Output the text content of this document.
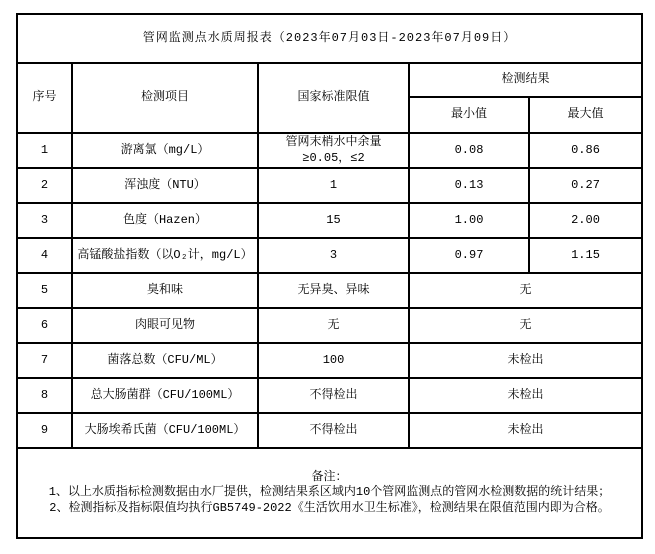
管网监测点水质周报表（2023年07月03日-2023年07月09日）				
序号	检测项目	国家标准限值	检测结果	
			最小值	最大值
1	游离氯（mg/L）	管网末梢水中余量≥0.05，≤2	0.08	0.86
2	浑浊度（NTU）	1	0.13	0.27
3	色度（Hazen）	15	1.00	2.00
4	高锰酸盐指数（以O₂计，mg/L）	3	0.97	1.15
5	臭和味	无异臭、异味	无	
6	肉眼可见物	无	无	
7	菌落总数（CFU/ML）	100	未检出	
8	总大肠菌群（CFU/100ML）	不得检出	未检出	
9	大肠埃希氏菌（CFU/100ML）	不得检出	未检出	

备注：
1、以上水质指标检测数据由水厂提供，检测结果系区域内10个管网监测点的管网水检测数据的统计结果；
2、检测指标及指标限值均执行GB5749-2022《生活饮用水卫生标准》，检测结果在限值范围内即为合格。				
